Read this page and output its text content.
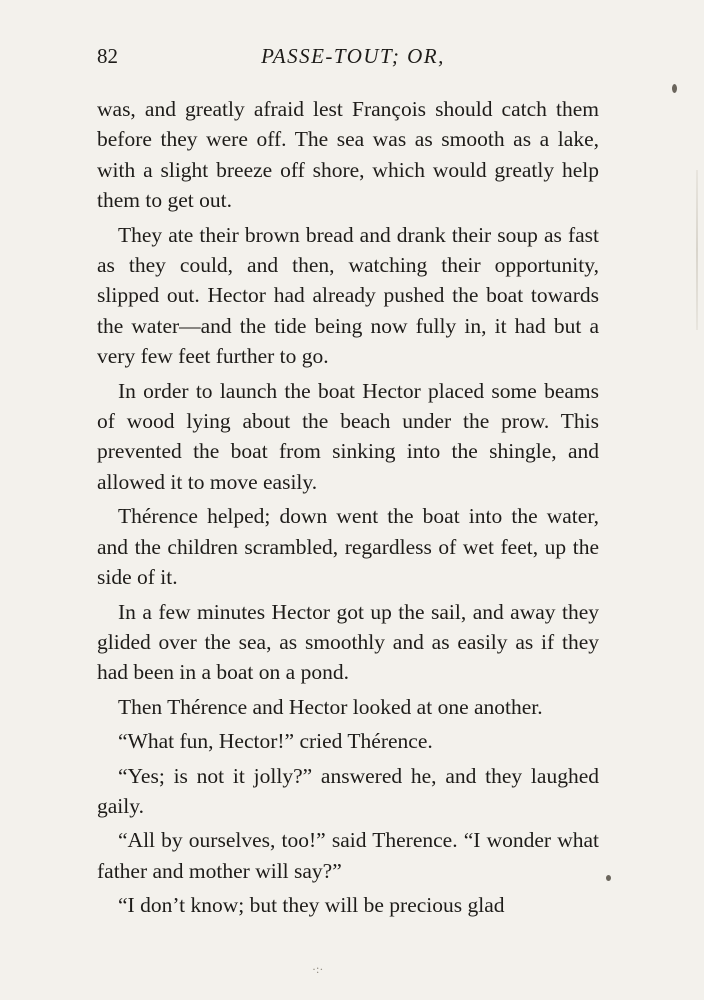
82	PASSE-TOUT; OR,

was, and greatly afraid lest François should catch them before they were off. The sea was as smooth as a lake, with a slight breeze off shore, which would greatly help them to get out.

They ate their brown bread and drank their soup as fast as they could, and then, watching their opportunity, slipped out. Hector had already pushed the boat towards the water—and the tide being now fully in, it had but a very few feet further to go.

In order to launch the boat Hector placed some beams of wood lying about the beach under the prow. This prevented the boat from sinking into the shingle, and allowed it to move easily.

Thérence helped; down went the boat into the water, and the children scrambled, regardless of wet feet, up the side of it.

In a few minutes Hector got up the sail, and away they glided over the sea, as smoothly and as easily as if they had been in a boat on a pond.

Then Thérence and Hector looked at one another.

“What fun, Hector!” cried Thérence.

“Yes; is not it jolly?” answered he, and they laughed gaily.

“All by ourselves, too!” said Therence. “I wonder what father and mother will say?”

“I don’t know; but they will be precious glad

·:·
